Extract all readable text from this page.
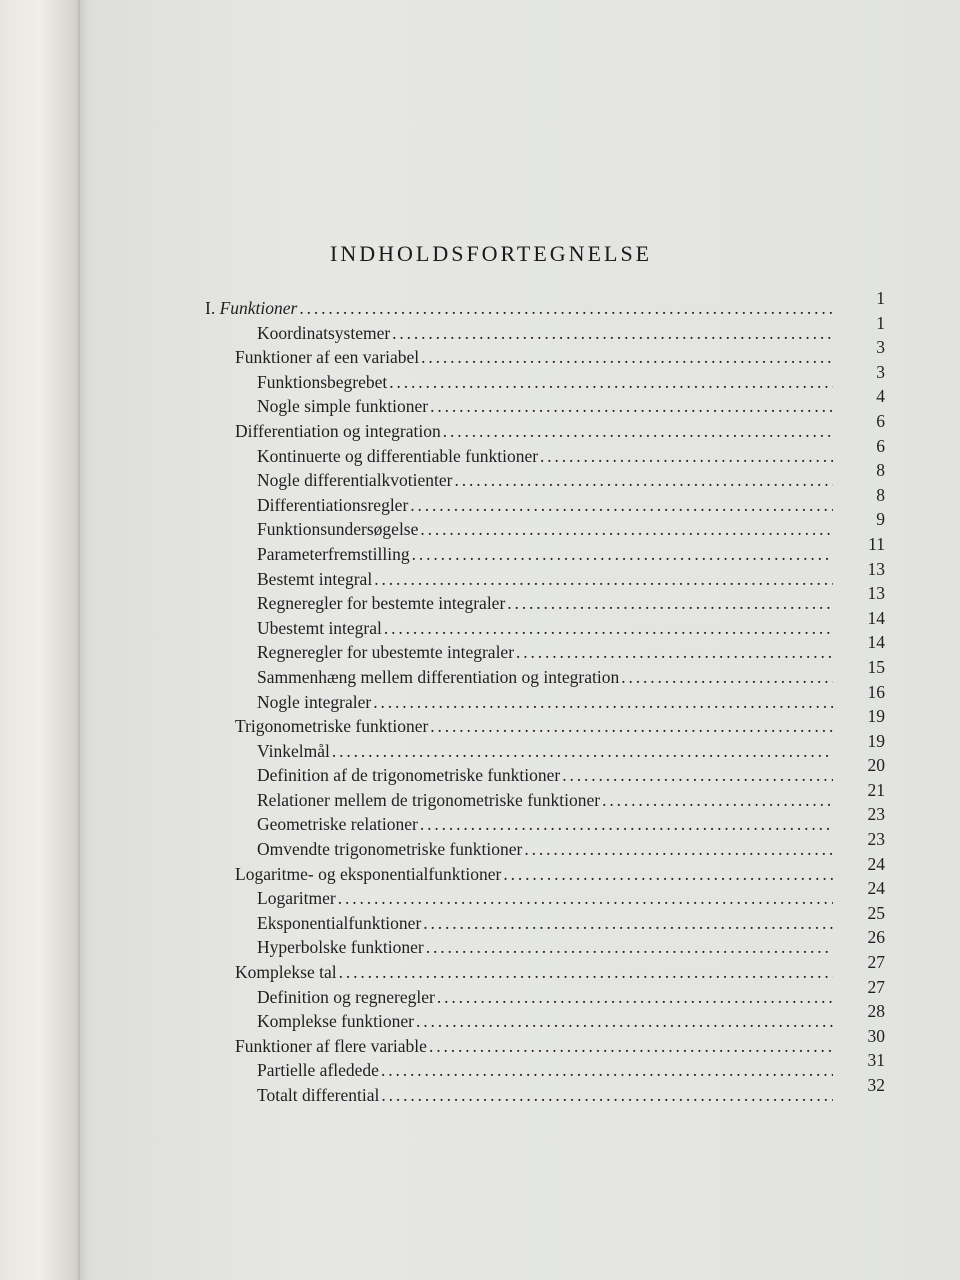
INDHOLDSFORTEGNELSE
I. Funktioner . . .	1
Koordinatsystemer . . .	1
Funktioner af een variabel . . .	3
Funktionsbegrebet . . .	3
Nogle simple funktioner . . .	4
Differentiation og integration . . .	6
Kontinuerte og differentiable funktioner . . .	6
Nogle differentialkvotienter . . .	8
Differentiationsregler . . .	8
Funktionsundersøgelse . . .	9
Parameterfremstilling . . .	11
Bestemt integral . . .	13
Regneregler for bestemte integraler . . .	13
Ubestemt integral . . .	14
Regneregler for ubestemte integraler . . .	14
Sammenhæng mellem differentiation og integration . . .	15
Nogle integraler . . .	16
Trigonometriske funktioner . . .	19
Vinkelmål . . .	19
Definition af de trigonometriske funktioner . . .	20
Relationer mellem de trigonometriske funktioner . . .	21
Geometriske relationer . . .	23
Omvendte trigonometriske funktioner . . .	23
Logaritme- og eksponentialfunktioner . . .	24
Logaritmer . . .	24
Eksponentialfunktioner . . .	25
Hyperbolske funktioner . . .	26
Komplekse tal . . .	27
Definition og regneregler . . .	27
Komplekse funktioner . . .	28
Funktioner af flere variable . . .	30
Partielle afledede . . .	31
Totalt differential . . .	32
